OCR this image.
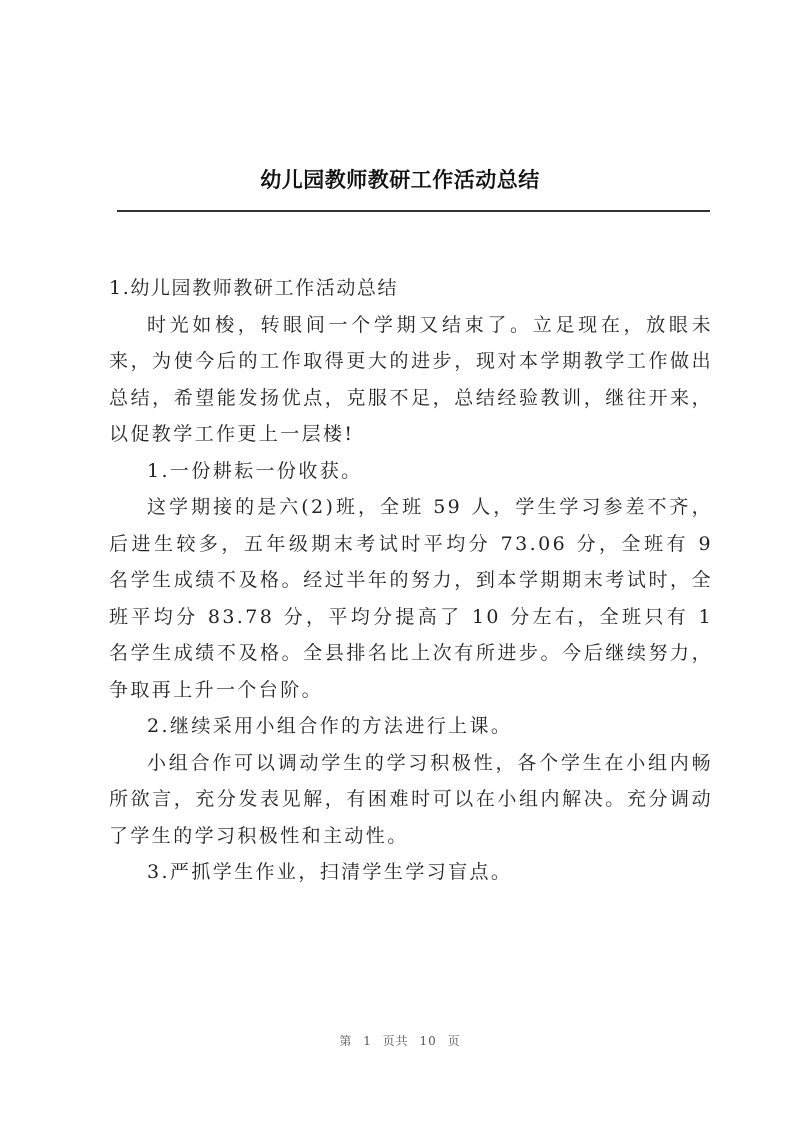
幼儿园教师教研工作活动总结

1.幼儿园教师教研工作活动总结

时光如梭，转眼间一个学期又结束了。立足现在，放眼未来，为使今后的工作取得更大的进步，现对本学期教学工作做出总结，希望能发扬优点，克服不足，总结经验教训，继往开来，以促教学工作更上一层楼!

1.一份耕耘一份收获。

这学期接的是六(2)班，全班 59 人，学生学习参差不齐，后进生较多，五年级期末考试时平均分 73.06 分，全班有 9 名学生成绩不及格。经过半年的努力，到本学期期末考试时，全班平均分 83.78 分，平均分提高了 10 分左右，全班只有 1 名学生成绩不及格。全县排名比上次有所进步。今后继续努力，争取再上升一个台阶。

2.继续采用小组合作的方法进行上课。

小组合作可以调动学生的学习积极性，各个学生在小组内畅所欲言，充分发表见解，有困难时可以在小组内解决。充分调动了学生的学习积极性和主动性。

3.严抓学生作业，扫清学生学习盲点。

第 1 页共 10 页
